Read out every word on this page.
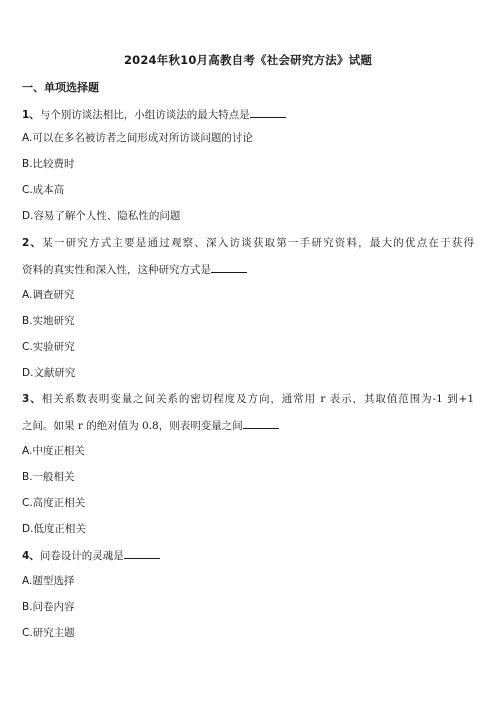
2024年秋10月高教自考《社会研究方法》试题
一、单项选择题
1、与个别访谈法相比，小组访谈法的最大特点是
A.可以在多名被访者之间形成对所访谈问题的讨论
B.比较费时
C.成本高
D.容易了解个人性、隐私性的问题
2、某一研究方式主要是通过观察、深入访谈获取第一手研究资料，最大的优点在于获得
资料的真实性和深入性，这种研究方式是
A.调查研究
B.实地研究
C.实验研究
D.文献研究
3、相关系数表明变量之间关系的密切程度及方向，通常用 r 表示，其取值范围为-1 到+1
之间。如果 r 的绝对值为 0.8，则表明变量之间
A.中度正相关
B.一般相关
C.高度正相关
D.低度正相关
4、问卷设计的灵魂是
A.题型选择
B.问卷内容
C.研究主题
